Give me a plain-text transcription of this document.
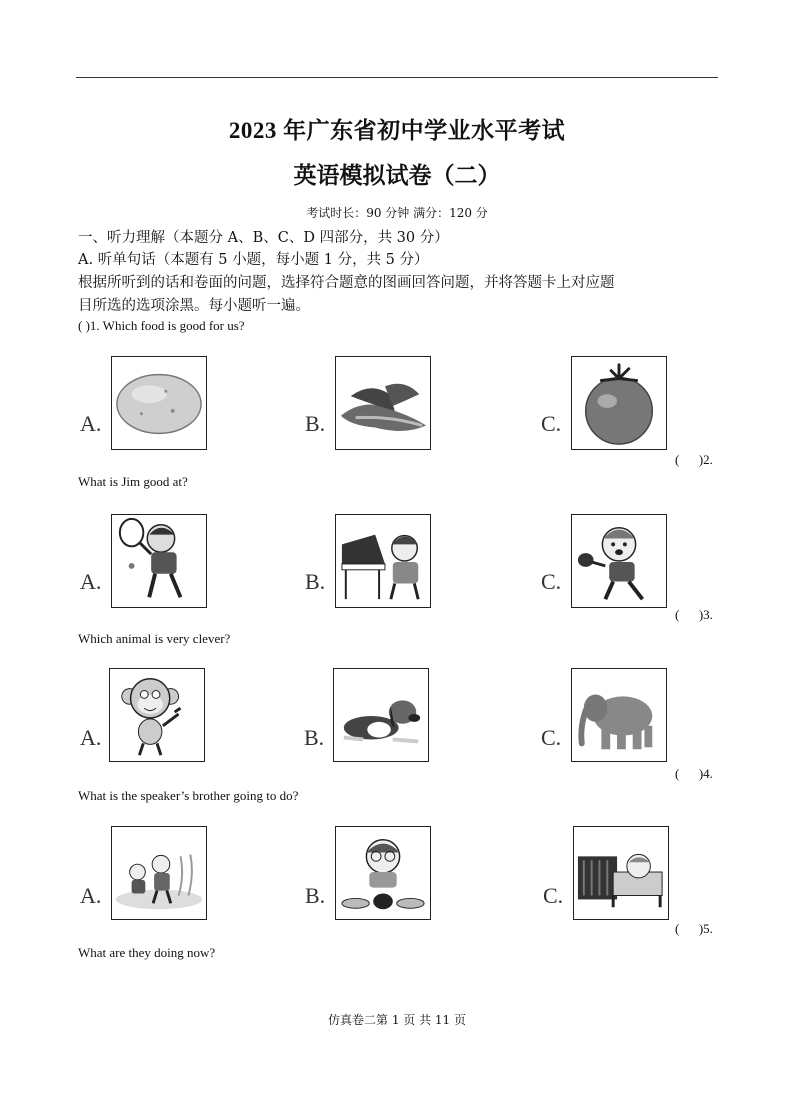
2023 年广东省初中学业水平考试
英语模拟试卷（二）
考试时长：90 分钟 满分：120 分
一、听力理解（本题分 A、B、C、D 四部分，共 30 分）
A. 听单句话（本题有 5 小题，每小题 1 分，共 5 分）
根据所听到的话和卷面的问题，选择符合题意的图画回答问题，并将答题卡上对应题
目所选的选项涂黑。每小题听一遍。
( )1. Which food is good for us?
A.	B.	C.
(      )2.
What is Jim good at?
A.	B.	C.
(      )3.
Which animal is very clever?
A.	B.	C.
(      )4.
What is the speaker’s brother going to do?
A.	B.	C.
(      )5.
What are they doing now?
仿真卷二第 1 页 共 11 页
